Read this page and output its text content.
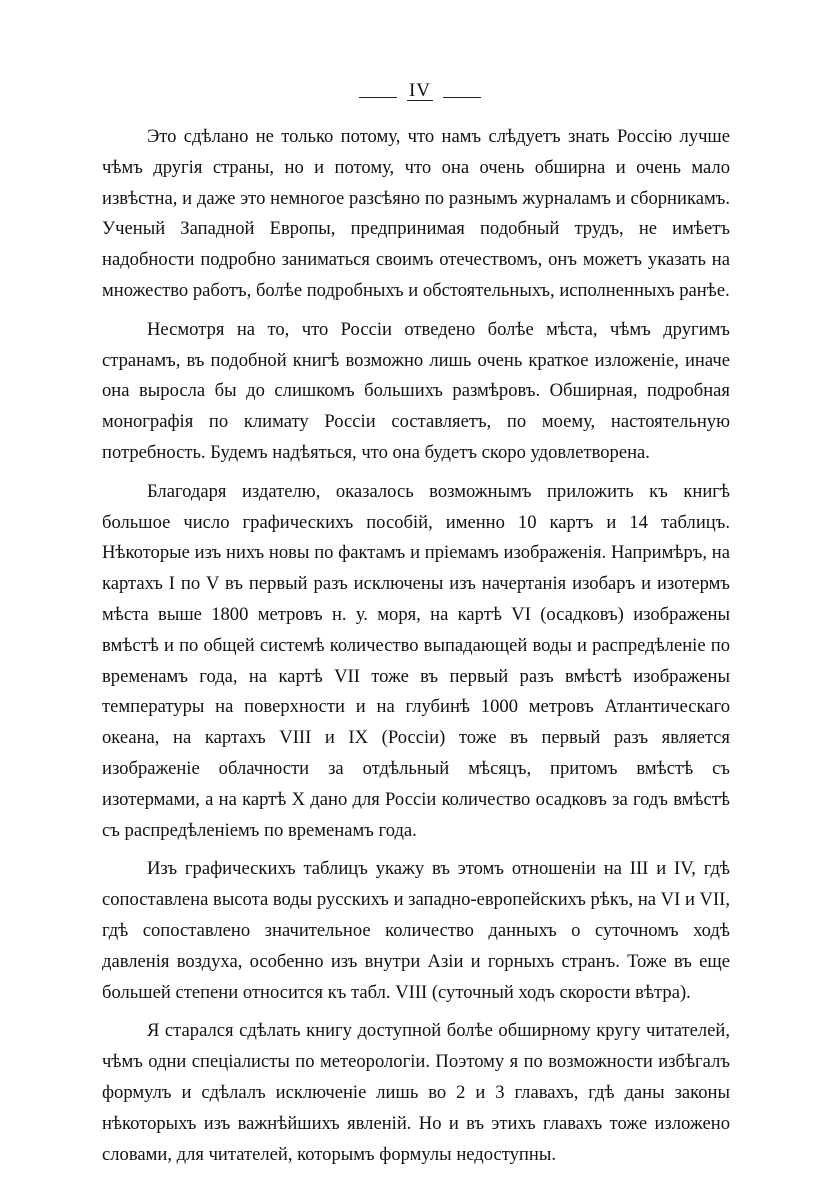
IV

Это сдѣлано не только потому, что намъ слѣдуетъ знать Россію лучше чѣмъ другія страны, но и потому, что она очень обширна и очень мало извѣстна, и даже это немногое разсѣяно по разнымъ журналамъ и сборникамъ. Ученый Западной Европы, предпринимая подобный трудъ, не имѣетъ надобности подробно заниматься своимъ отечествомъ, онъ можетъ указать на множество работъ, болѣе подробныхъ и обстоятельныхъ, исполненныхъ ранѣе.

Несмотря на то, что Россіи отведено болѣе мѣста, чѣмъ другимъ странамъ, въ подобной книгѣ возможно лишь очень краткое изложеніе, иначе она выросла бы до слишкомъ большихъ размѣровъ. Обширная, подробная монографія по климату Россіи составляетъ, по моему, настоятельную потребность. Будемъ надѣяться, что она будетъ скоро удовлетворена.

Благодаря издателю, оказалось возможнымъ приложить къ книгѣ большое число графическихъ пособій, именно 10 картъ и 14 таблицъ. Нѣкоторые изъ нихъ новы по фактамъ и пріемамъ изображенія. Напримѣръ, на картахъ I по V въ первый разъ исключены изъ начертанія изобаръ и изотермъ мѣста выше 1800 метровъ н. у. моря, на картѣ VI (осадковъ) изображены вмѣстѣ и по общей системѣ количество выпадающей воды и распредѣленіе по временамъ года, на картѣ VII тоже въ первый разъ вмѣстѣ изображены температуры на поверхности и на глубинѣ 1000 метровъ Атлантическаго океана, на картахъ VIII и IX (Россіи) тоже въ первый разъ является изображеніе облачности за отдѣльный мѣсяцъ, притомъ вмѣстѣ съ изотермами, а на картѣ X дано для Россіи количество осадковъ за годъ вмѣстѣ съ распредѣленіемъ по временамъ года.

Изъ графическихъ таблицъ укажу въ этомъ отношеніи на III и IV, гдѣ сопоставлена высота воды русскихъ и западно-европейскихъ рѣкъ, на VI и VII, гдѣ сопоставлено значительное количество данныхъ о суточномъ ходѣ давленія воздуха, особенно изъ внутри Азіи и горныхъ странъ. Тоже въ еще большей степени относится къ табл. VIII (суточный ходъ скорости вѣтра).

Я старался сдѣлать книгу доступной болѣе обширному кругу читателей, чѣмъ одни спеціалисты по метеорологіи. Поэтому я по возможности избѣгалъ формулъ и сдѣлалъ исключеніе лишь во 2 и 3 главахъ, гдѣ даны законы нѣкоторыхъ изъ важнѣйшихъ явленій. Но и въ этихъ главахъ тоже изложено словами, для читателей, которымъ формулы недоступны.
